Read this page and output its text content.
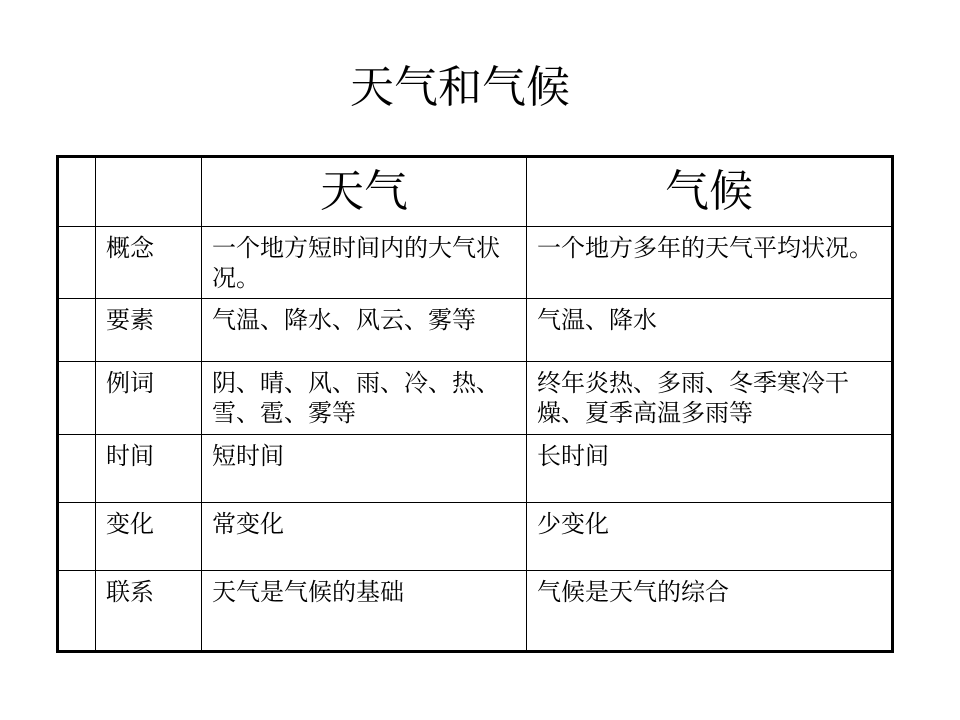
天气和气候
		天气	气候
	概念	一个地方短时间内的大气状况。	一个地方多年的天气平均状况。
	要素	气温、降水、风云、雾等	气温、降水
	例词	阴、晴、风、雨、冷、热、雪、雹、雾等	终年炎热、多雨、冬季寒冷干燥、夏季高温多雨等
	时间	短时间	长时间
	变化	常变化	少变化
	联系	天气是气候的基础	气候是天气的综合
